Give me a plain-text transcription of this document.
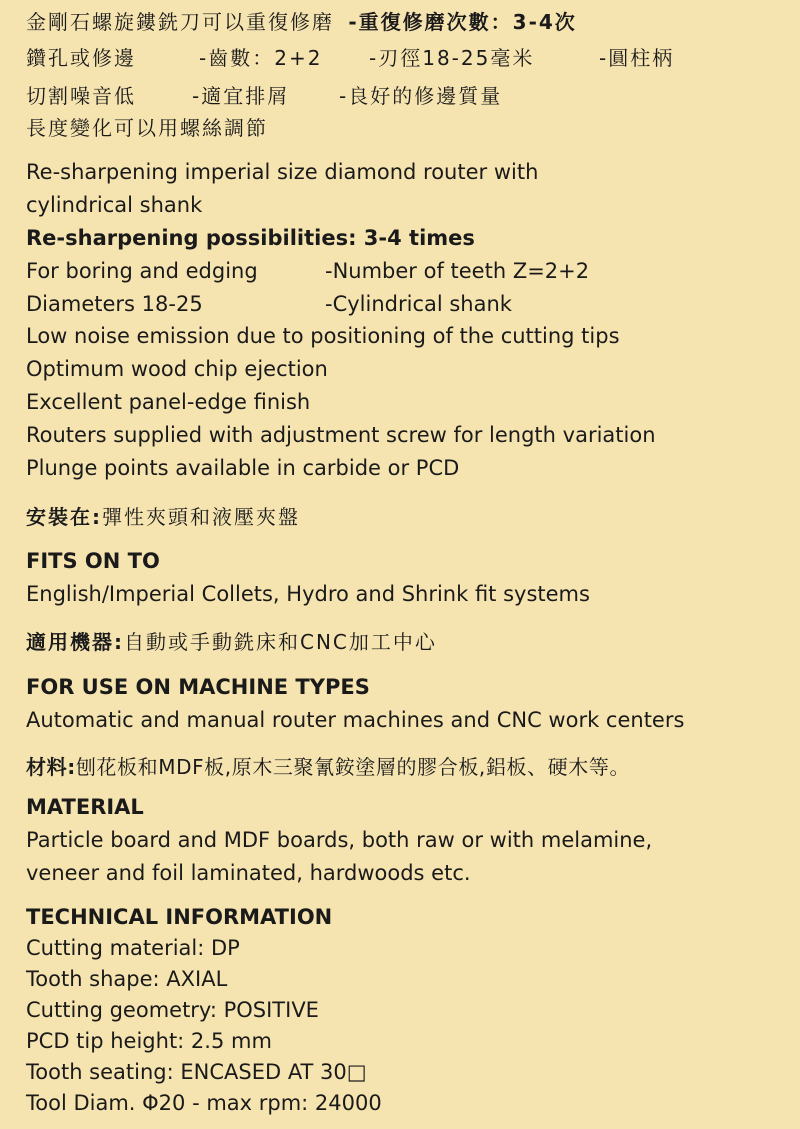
金剛石螺旋鏤銑刀可以重復修磨 -重復修磨次數：3-4次
鑽孔或修邊	-齒數：2+2 -刃徑18-25毫米	-圓柱柄
切割噪音低	-適宜排屑 -良好的修邊質量
長度變化可以用螺絲調節
Re-sharpening imperial size diamond router with
cylindrical shank
Re-sharpening possibilities: 3-4 times
For boring and edging	-Number of teeth Z=2+2
Diameters 18-25	-Cylindrical shank
Low noise emission due to positioning of the cutting tips
Optimum wood chip ejection
Excellent panel-edge finish
Routers supplied with adjustment screw for length variation
Plunge points available in carbide or PCD
安裝在:彈性夾頭和液壓夾盤
FITS ON TO
English/Imperial Collets, Hydro and Shrink fit systems
適用機器:自動或手動銑床和CNC加工中心
FOR USE ON MACHINE TYPES
Automatic and manual router machines and CNC work centers
材料:刨花板和MDF板,原木三聚氰銨塗層的膠合板,鋁板、硬木等。
MATERIAL
Particle board and MDF boards, both raw or with melamine,
veneer and foil laminated, hardwoods etc.
TECHNICAL INFORMATION
Cutting material: DP
Tooth shape: AXIAL
Cutting geometry: POSITIVE
PCD tip height: 2.5 mm
Tooth seating: ENCASED AT 30□
Tool Diam. Φ20 - max rpm: 24000
